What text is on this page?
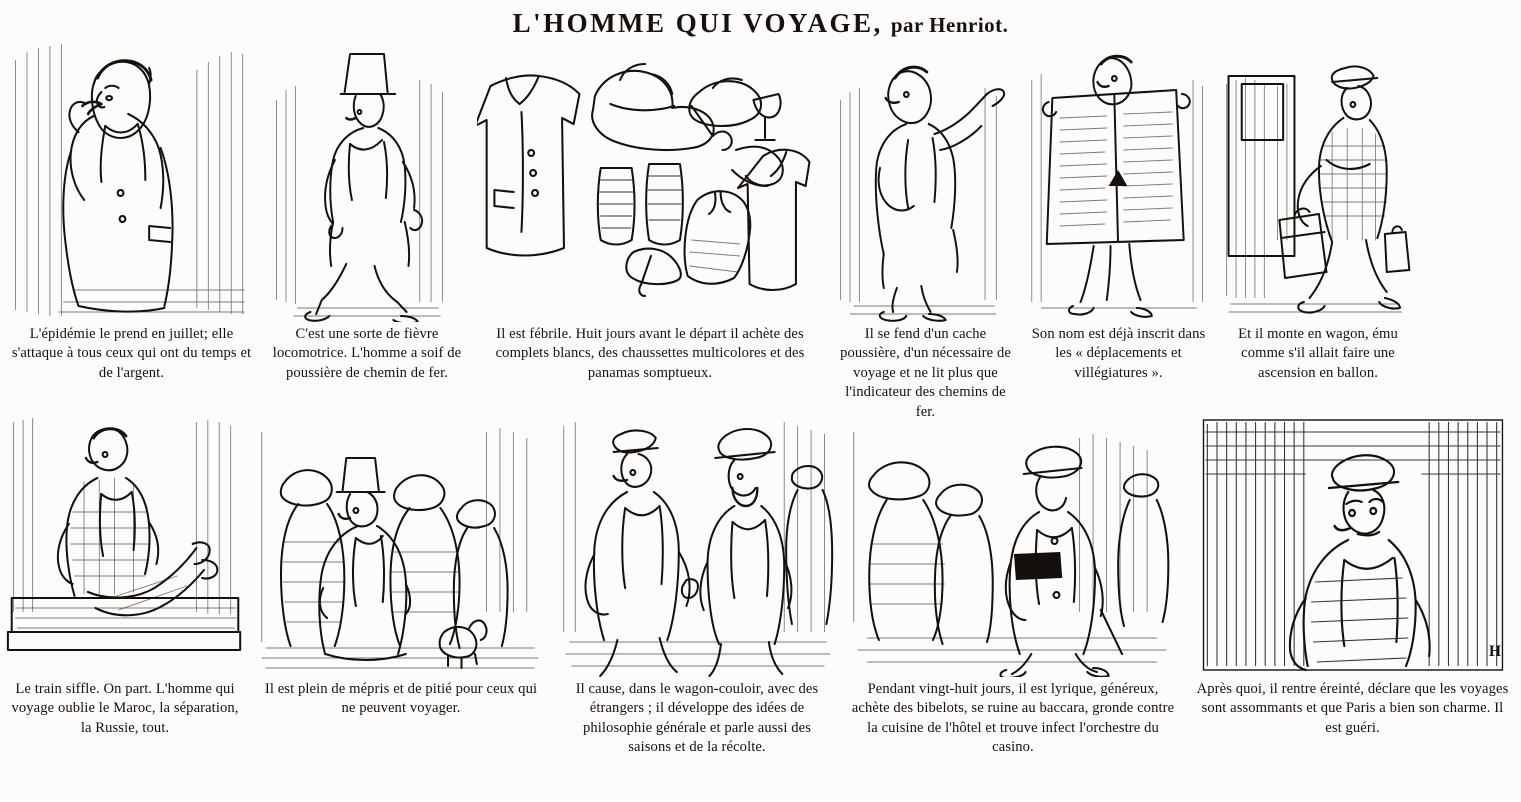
L'HOMME QUI VOYAGE, par Henriot.
L'épidémie le prend en juillet; elle s'attaque à tous ceux qui ont du temps et de l'argent.
C'est une sorte de fièvre locomotrice. L'homme a soif de poussière de chemin de fer.
Il est fébrile. Huit jours avant le départ il achète des complets blancs, des chaussettes multicolores et des panamas somptueux.
Il se fend d'un cache poussière, d'un nécessaire de voyage et ne lit plus que l'indicateur des chemins de fer.
Son nom est déjà inscrit dans les « déplacements et villégiatures ».
Et il monte en wagon, ému comme s'il allait faire une ascension en ballon.
Le train siffle. On part. L'homme qui voyage oublie le Maroc, la séparation, la Russie, tout.
Il est plein de mépris et de pitié pour ceux qui ne peuvent voyager.
Il cause, dans le wagon-couloir, avec des étrangers ; il développe des idées de philosophie générale et parle aussi des saisons et de la récolte.
Pendant vingt-huit jours, il est lyrique, généreux, achète des bibelots, se ruine au baccara, gronde contre la cuisine de l'hôtel et trouve infect l'orchestre du casino.
H
Après quoi, il rentre éreinté, déclare que les voyages sont assommants et que Paris a bien son charme. Il est guéri.
